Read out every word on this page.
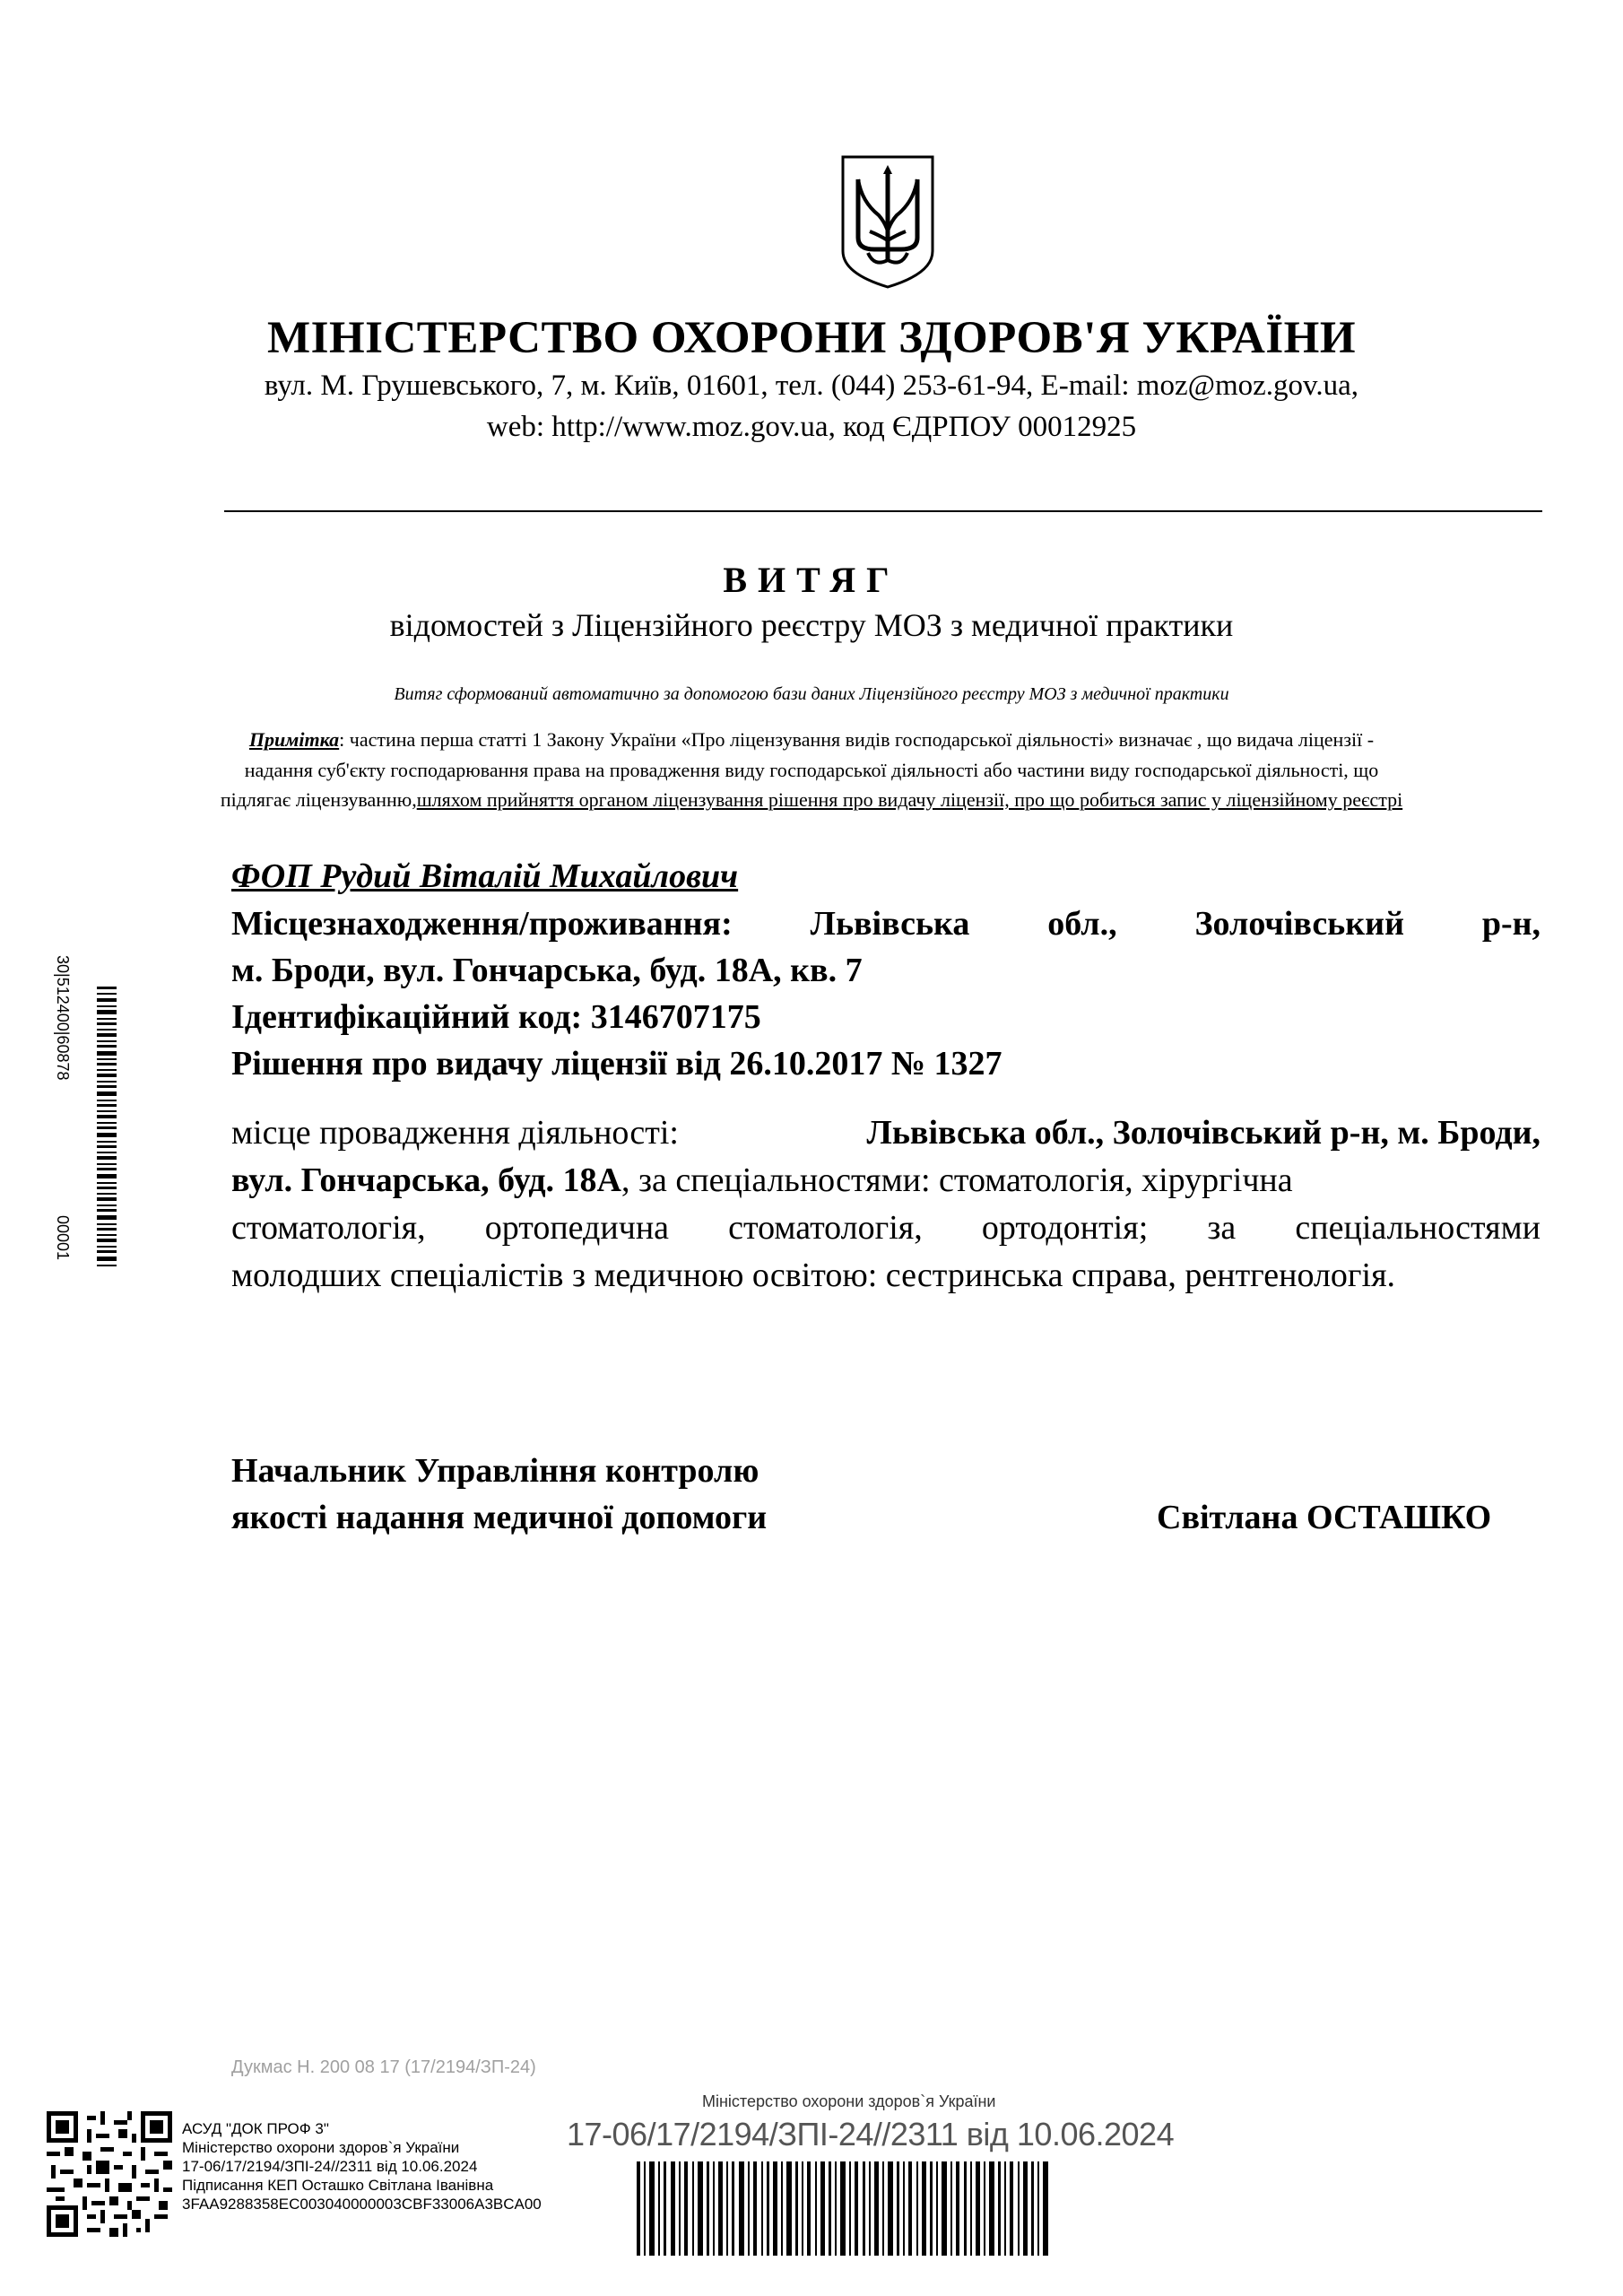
МІНІСТЕРСТВО ОХОРОНИ ЗДОРОВ'Я УКРАЇНИ
вул. М. Грушевського, 7, м. Київ, 01601, тел. (044) 253-61-94, E-mail: moz@moz.gov.ua,
web: http://www.moz.gov.ua, код ЄДРПОУ 00012925
ВИТЯГ
відомостей з Ліцензійного реєстру МОЗ з медичної практики
Витяг сформований автоматично за допомогою бази даних Ліцензійного реєстру МОЗ з медичної практики
Примітка: частина перша статті 1 Закону України «Про ліцензування видів господарської діяльності» визначає , що видача ліцензії -
надання суб'єкту господарювання права на провадження виду господарської діяльності або частини виду господарської діяльності, що
підлягає ліцензуванню,шляхом прийняття органом ліцензування рішення про видачу ліцензії, про що робиться запис у ліцензійному реєстрі
ФОП Рудий Віталій Михайлович
Місцезнаходження/проживання: Львівська обл., Золочівський р-н,
м. Броди, вул. Гончарська, буд. 18А, кв. 7
Ідентифікаційний код: 3146707175
Рішення про видачу ліцензії від 26.10.2017 № 1327
місце провадження діяльності:	Львівська обл., Золочівський р-н, м. Броди,
вул. Гончарська, буд. 18А, за спеціальностями: стоматологія, хірургічна
стоматологія, ортопедична стоматологія, ортодонтія; за спеціальностями
молодших спеціалістів з медичною освітою: сестринська справа, рентгенологія.
Начальник Управління контролю
якості надання медичної допомоги	Світлана ОСТАШКО
30|512400|60878
00001
Дукмас Н. 200 08 17 (17/2194/ЗП-24)
АСУД "ДОК ПРОФ 3"
Міністерство охорони здоров`я України
17-06/17/2194/ЗПІ-24//2311 від 10.06.2024
Підписання КЕП Осташко Світлана Іванівна
3FAA9288358EC003040000003CBF33006A3BCA00
Міністерство охорони здоров`я України
17-06/17/2194/ЗПІ-24//2311 від 10.06.2024
